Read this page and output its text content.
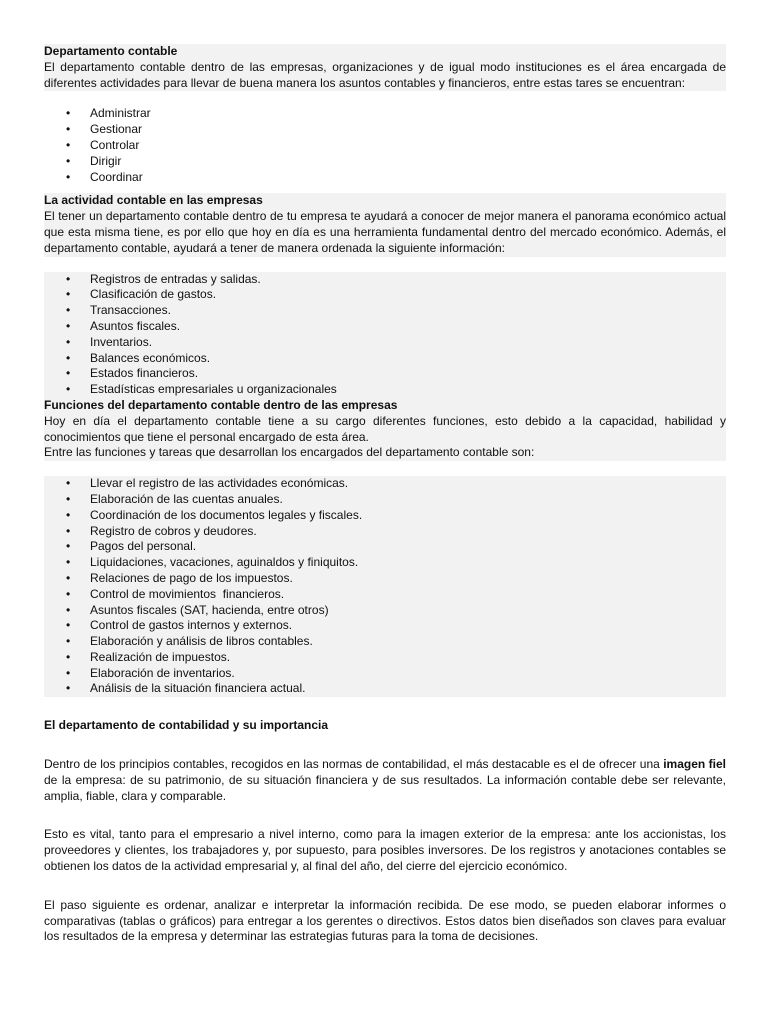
Departamento contable

El departamento contable dentro de las empresas, organizaciones y de igual modo instituciones es el área encargada de diferentes actividades para llevar de buena manera los asuntos contables y financieros, entre estas tares se encuentran:

• Administrar
• Gestionar
• Controlar
• Dirigir
• Coordinar
La actividad contable en las empresas

El tener un departamento contable dentro de tu empresa te ayudará a conocer de mejor manera el panorama económico actual que esta misma tiene, es por ello que hoy en día es una herramienta fundamental dentro del mercado económico. Además, el departamento contable, ayudará a tener de manera ordenada la siguiente información:

• Registros de entradas y salidas.
• Clasificación de gastos.
• Transacciones.
• Asuntos fiscales.
• Inventarios.
• Balances económicos.
• Estados financieros.
• Estadísticas empresariales u organizacionales
Funciones del departamento contable dentro de las empresas

Hoy en día el departamento contable tiene a su cargo diferentes funciones, esto debido a la capacidad, habilidad y conocimientos que tiene el personal encargado de esta área.

Entre las funciones y tareas que desarrollan los encargados del departamento contable son:

• Llevar el registro de las actividades económicas.
• Elaboración de las cuentas anuales.
• Coordinación de los documentos legales y fiscales.
• Registro de cobros y deudores.
• Pagos del personal.
• Liquidaciones, vacaciones, aguinaldos y finiquitos.
• Relaciones de pago de los impuestos.
• Control de movimientos  financieros.
• Asuntos fiscales (SAT, hacienda, entre otros)
• Control de gastos internos y externos.
• Elaboración y análisis de libros contables.
• Realización de impuestos.
• Elaboración de inventarios.
• Análisis de la situación financiera actual.
El departamento de contabilidad y su importancia

Dentro de los principios contables, recogidos en las normas de contabilidad, el más destacable es el de ofrecer una imagen fiel de la empresa: de su patrimonio, de su situación financiera y de sus resultados. La información contable debe ser relevante, amplia, fiable, clara y comparable.

Esto es vital, tanto para el empresario a nivel interno, como para la imagen exterior de la empresa: ante los accionistas, los proveedores y clientes, los trabajadores y, por supuesto, para posibles inversores. De los registros y anotaciones contables se obtienen los datos de la actividad empresarial y, al final del año, del cierre del ejercicio económico.

El paso siguiente es ordenar, analizar e interpretar la información recibida. De ese modo, se pueden elaborar informes o comparativas (tablas o gráficos) para entregar a los gerentes o directivos. Estos datos bien diseñados son claves para evaluar los resultados de la empresa y determinar las estrategias futuras para la toma de decisiones.
